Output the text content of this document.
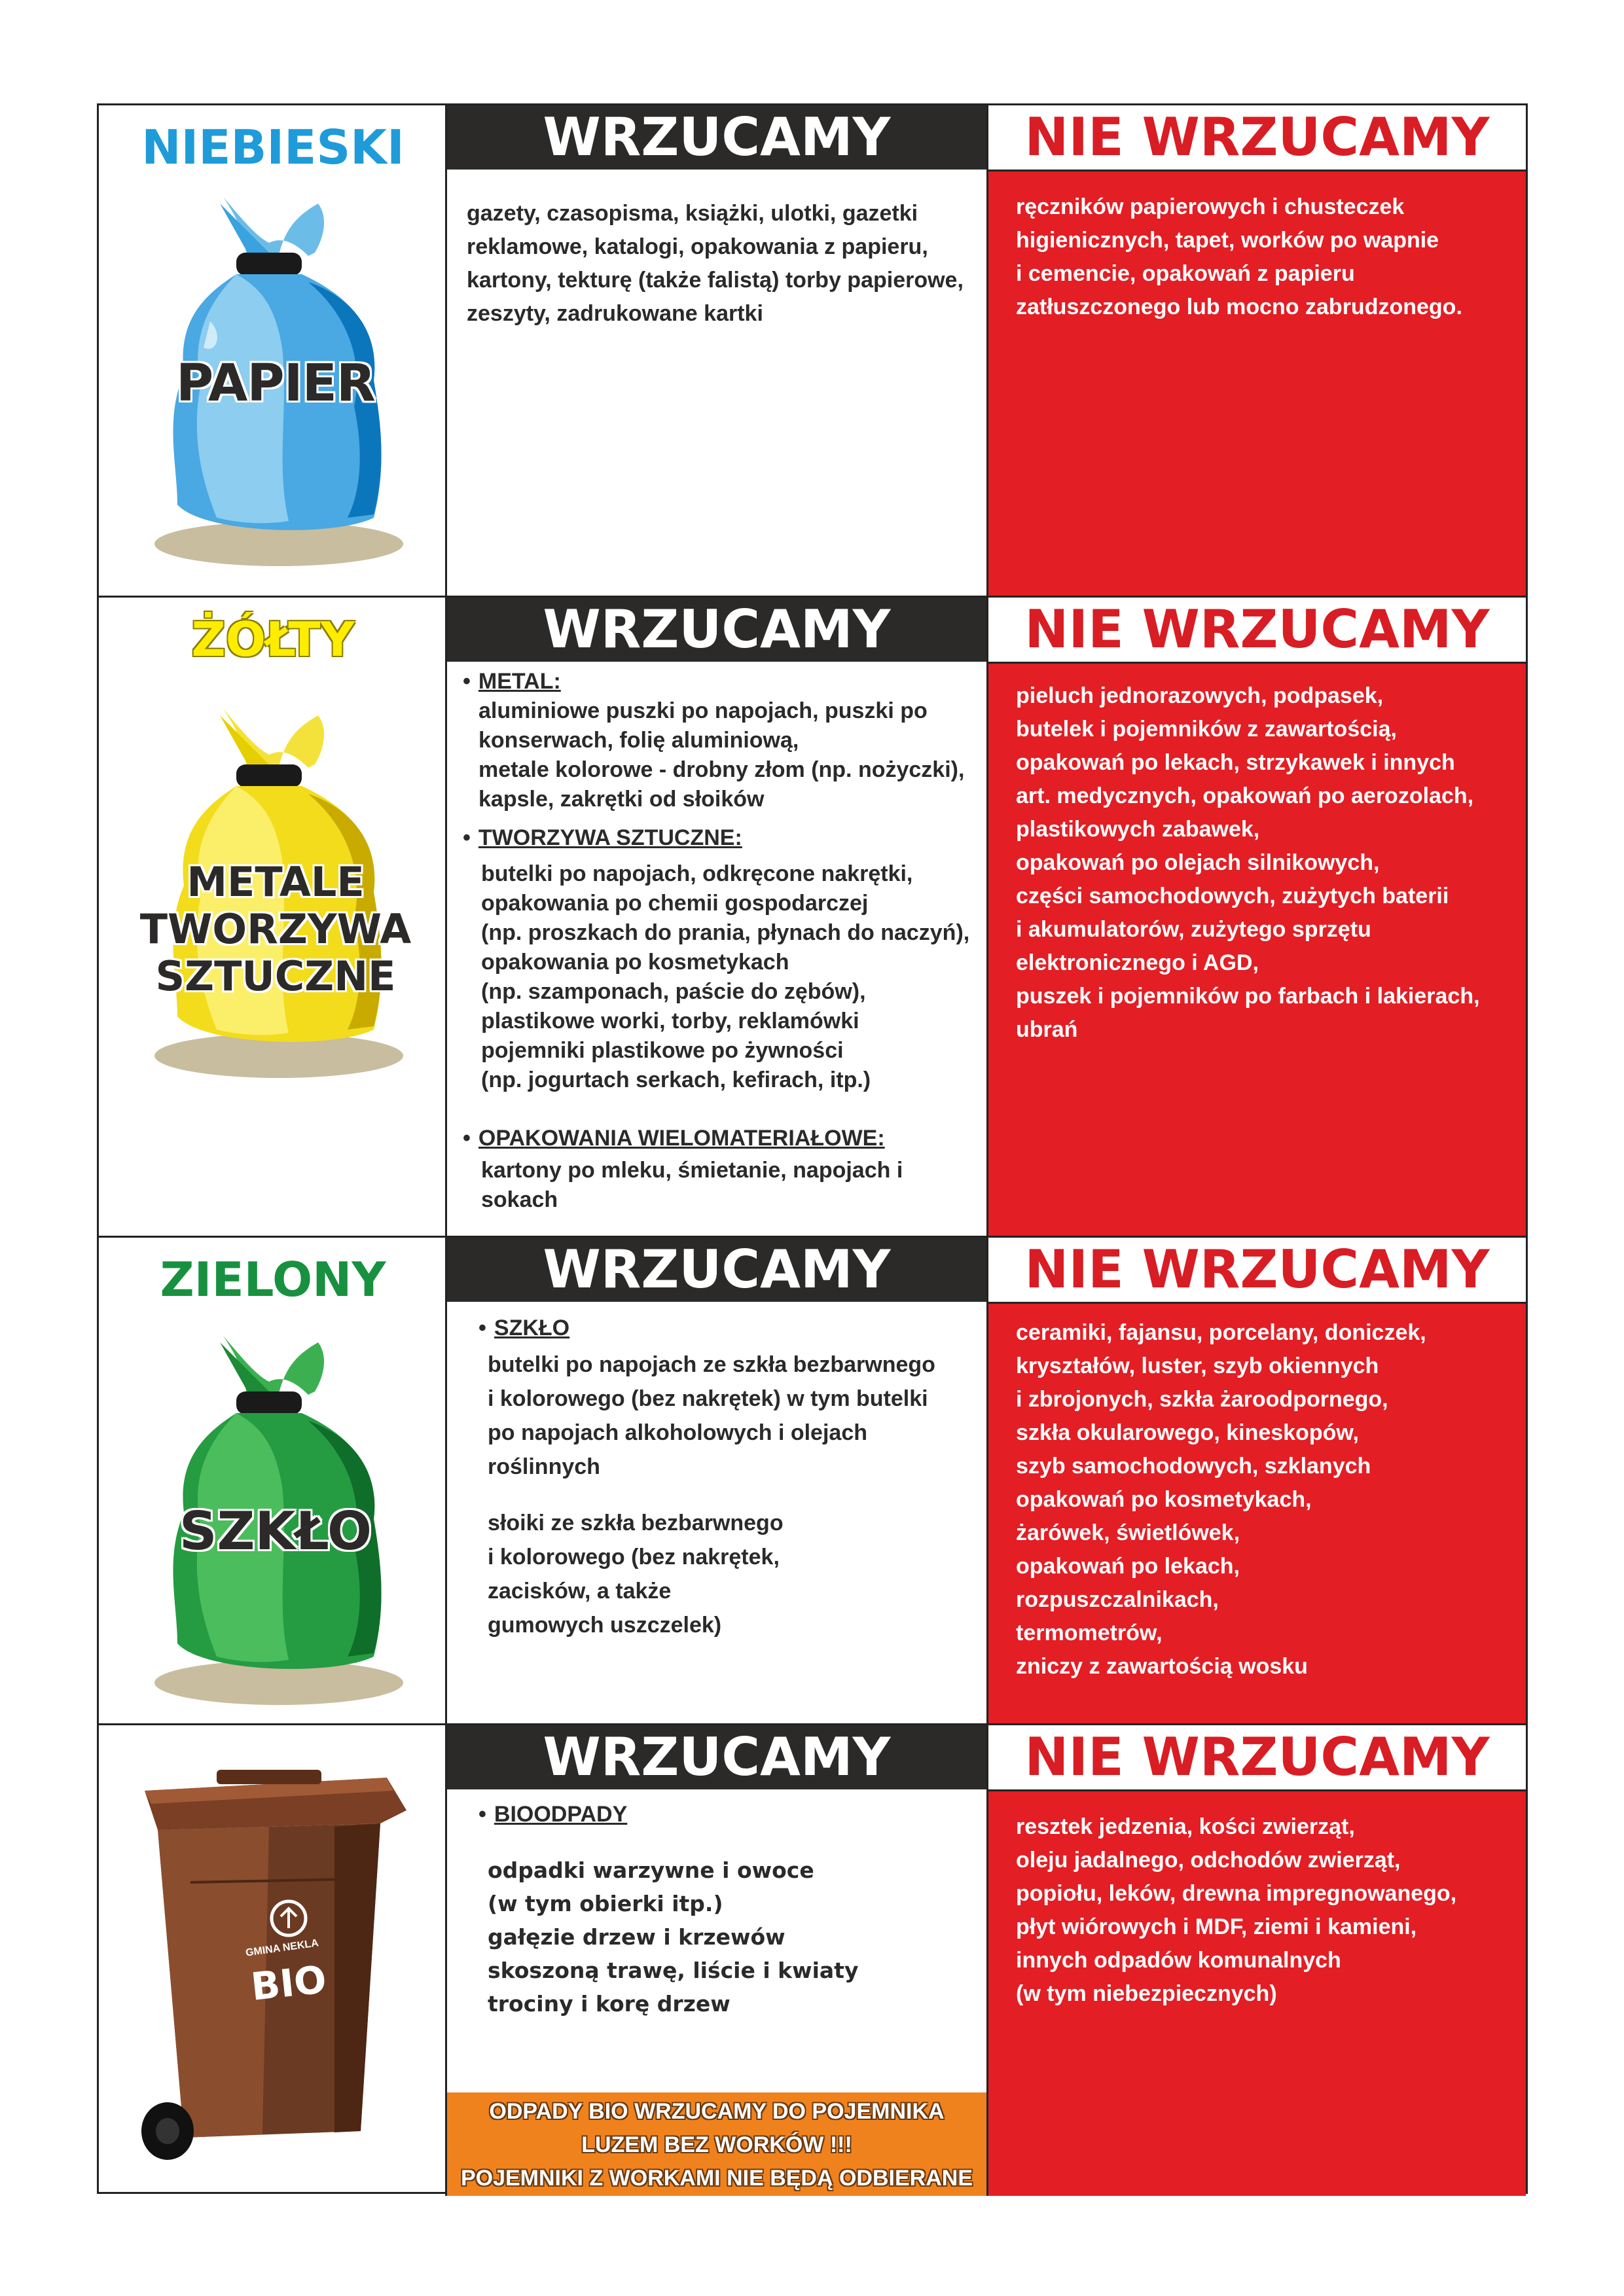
NIEBIESKI
PAPIER
WRZUCAMY
gazety, czasopisma, książki, ulotki, gazetki
reklamowe, katalogi, opakowania z papieru,
kartony, tekturę (także falistą) torby papierowe,
zeszyty, zadrukowane kartki
NIE WRZUCAMY
ręczników papierowych i chusteczek
higienicznych, tapet, worków po wapnie
i cemencie, opakowań z papieru
zatłuszczonego lub mocno zabrudzonego.
ŻÓŁTY
METALE
TWORZYWA
SZTUCZNE
WRZUCAMY
• METAL:
aluminiowe puszki po napojach, puszki po
konserwach, folię aluminiową,
metale kolorowe - drobny złom (np. nożyczki),
kapsle, zakrętki od słoików
• TWORZYWA SZTUCZNE:
butelki po napojach, odkręcone nakrętki,
opakowania po chemii gospodarczej
(np. proszkach do prania, płynach do naczyń),
opakowania po kosmetykach
(np. szamponach, paście do zębów),
plastikowe worki, torby, reklamówki
pojemniki plastikowe po żywności
(np. jogurtach serkach, kefirach, itp.)
• OPAKOWANIA WIELOMATERIAŁOWE:
kartony po mleku, śmietanie, napojach i sokach
NIE WRZUCAMY
pieluch jednorazowych, podpasek,
butelek i pojemników z zawartością,
opakowań po lekach, strzykawek i innych
art. medycznych, opakowań po aerozolach,
plastikowych zabawek,
opakowań po olejach silnikowych,
części samochodowych, zużytych baterii
i akumulatorów, zużytego sprzętu
elektronicznego i AGD,
puszek i pojemników po farbach i lakierach,
ubrań
ZIELONY
SZKŁO
WRZUCAMY
• SZKŁO
butelki po napojach ze szkła bezbarwnego
i kolorowego (bez nakrętek) w tym butelki
po napojach alkoholowych i olejach
roślinnych
słoiki ze szkła bezbarwnego
i kolorowego (bez nakrętek,
zacisków, a także
gumowych uszczelek)
NIE WRZUCAMY
ceramiki, fajansu, porcelany, doniczek,
kryształów, luster, szyb okiennych
i zbrojonych, szkła żaroodpornego,
szkła okularowego, kineskopów,
szyb samochodowych, szklanych
opakowań po kosmetykach,
żarówek, świetlówek,
opakowań po lekach,
rozpuszczalnikach,
termometrów,
zniczy z zawartością wosku
GMINA NEKLA
BIO
WRZUCAMY
• BIOODPADY
odpadki warzywne i owoce
(w tym obierki itp.)
gałęzie drzew i krzewów
skoszoną trawę, liście i kwiaty
trociny i korę drzew
ODPADY BIO WRZUCAMY DO POJEMNIKA
LUZEM BEZ WORKÓW !!!
POJEMNIKI Z WORKAMI NIE BĘDĄ ODBIERANE
NIE WRZUCAMY
resztek jedzenia, kości zwierząt,
oleju jadalnego, odchodów zwierząt,
popiołu, leków, drewna impregnowanego,
płyt wiórowych i MDF, ziemi i kamieni,
innych odpadów komunalnych
(w tym niebezpiecznych)
